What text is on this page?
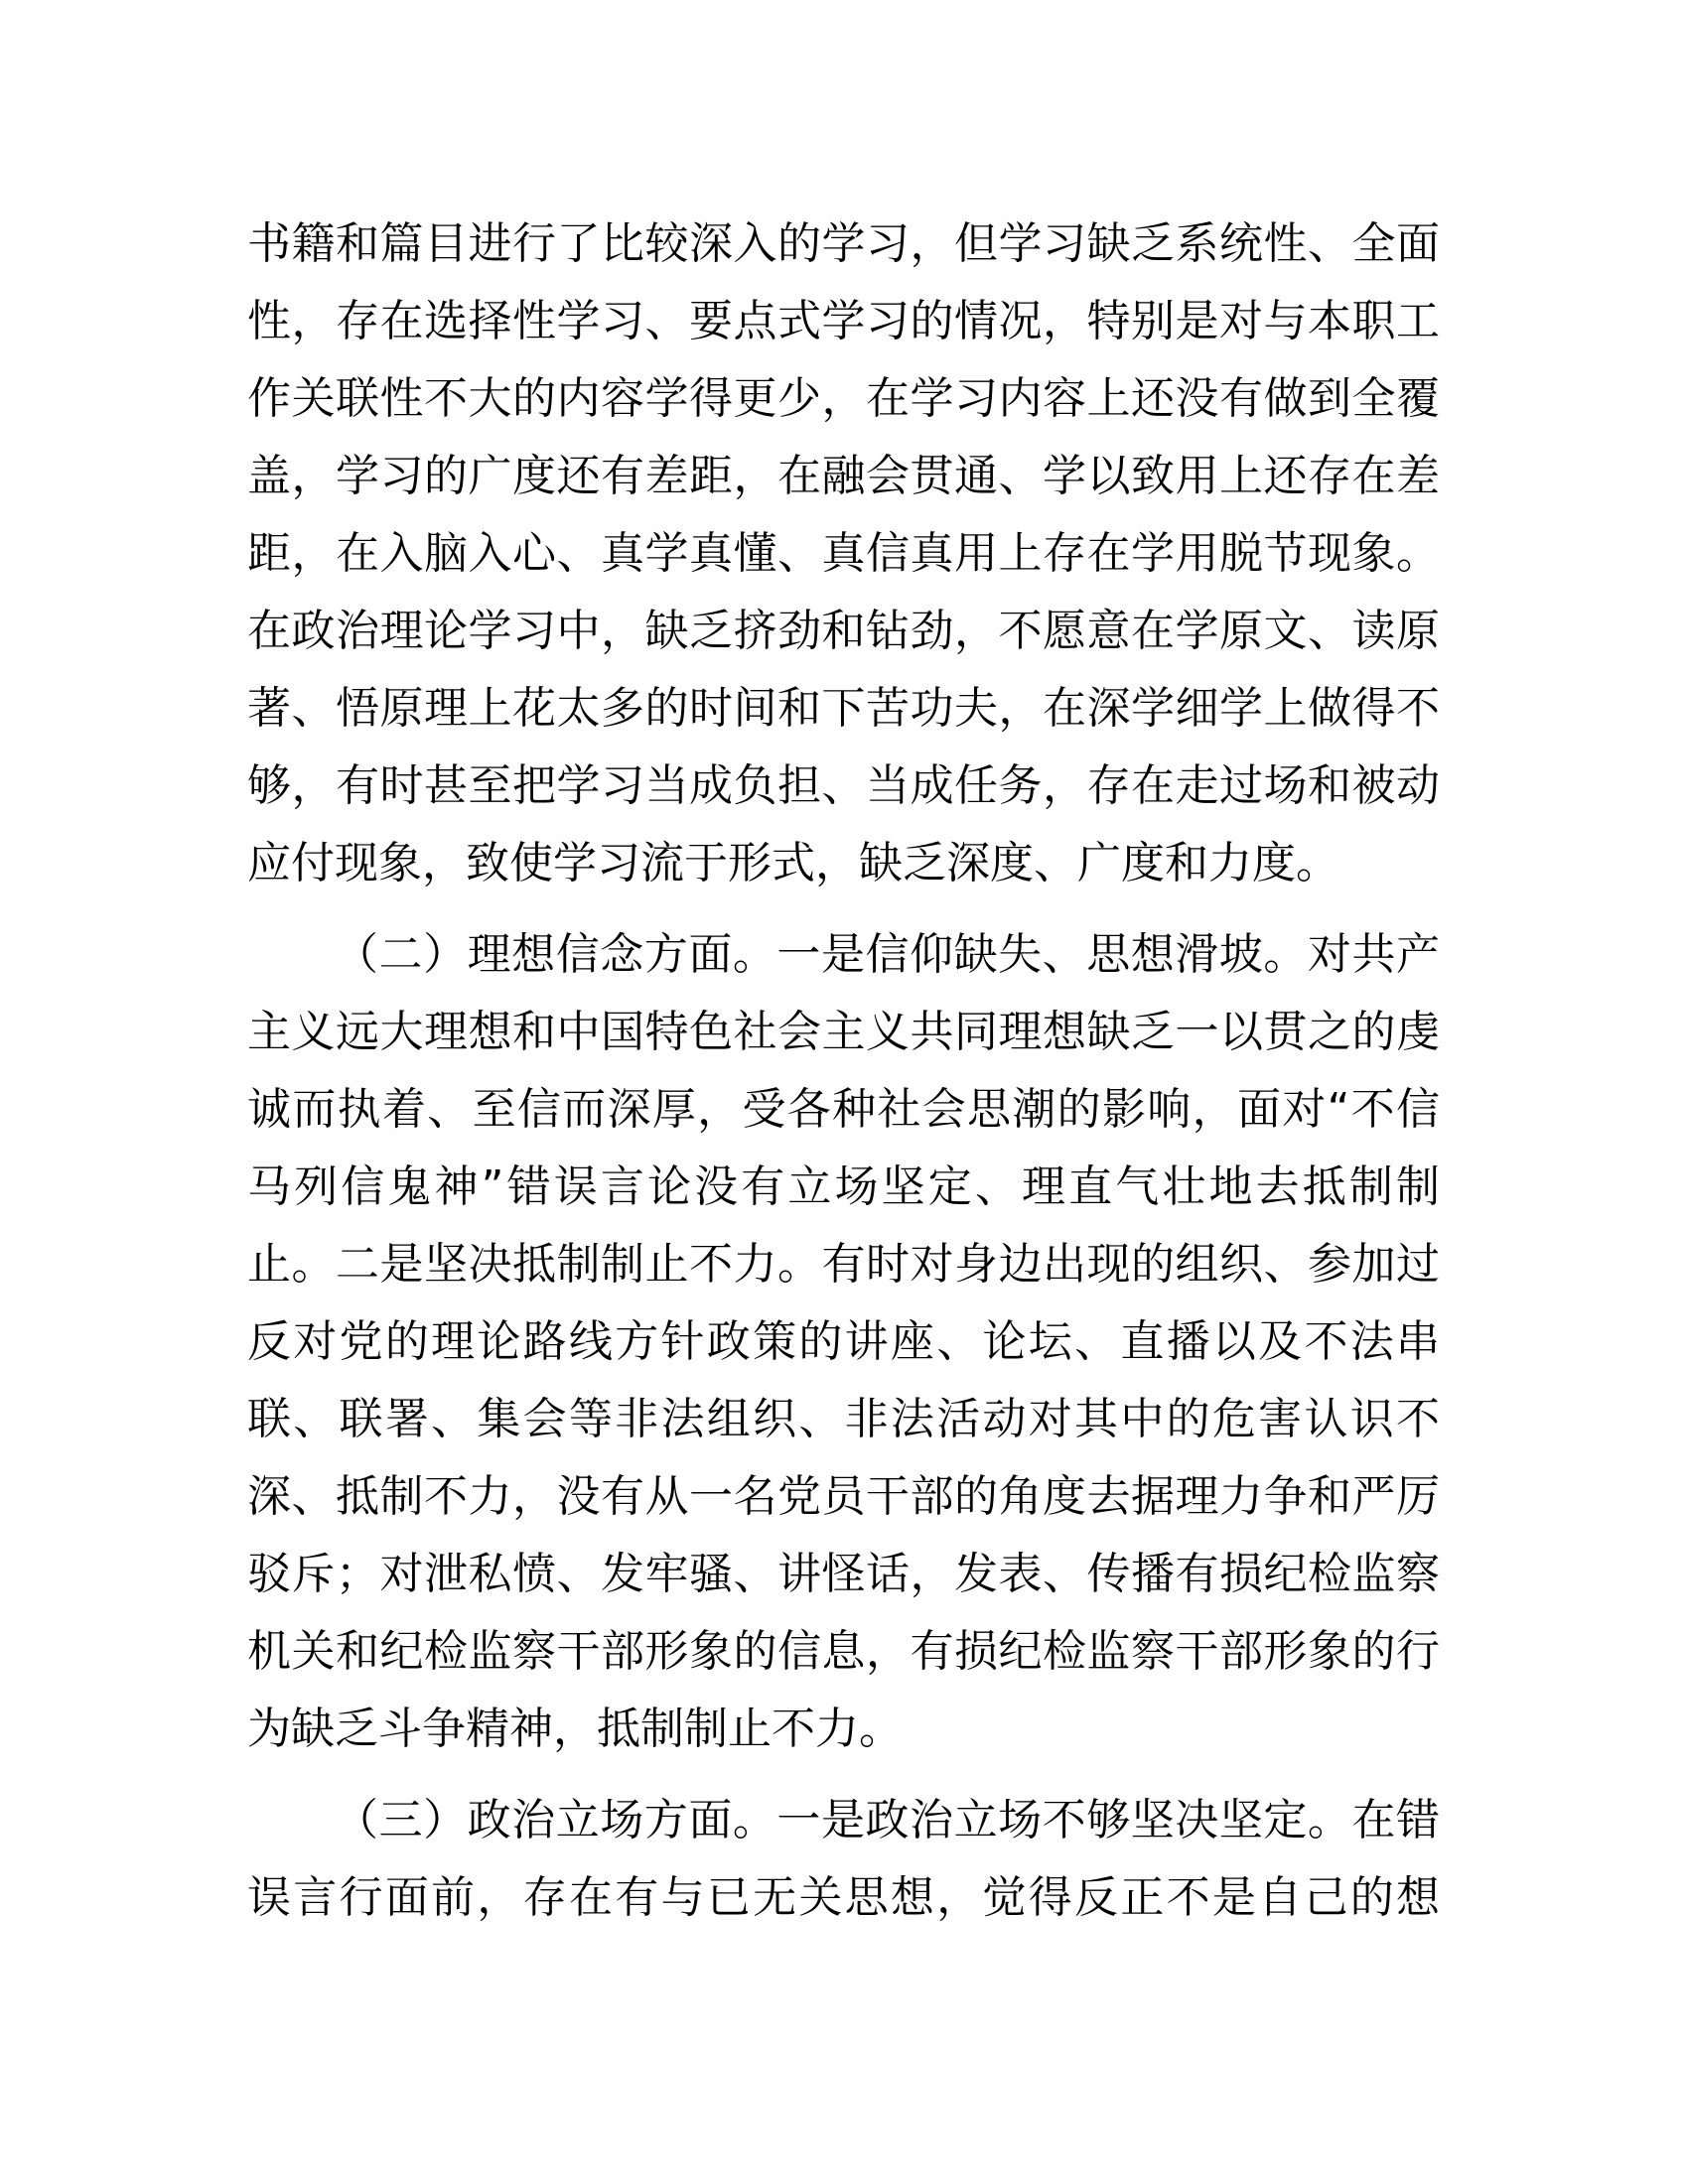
书籍和篇目进行了比较深入的学习，但学习缺乏系统性、全面
性，存在选择性学习、要点式学习的情况，特别是对与本职工
作关联性不大的内容学得更少，在学习内容上还没有做到全覆
盖，学习的广度还有差距，在融会贯通、学以致用上还存在差
距，在入脑入心、真学真懂、真信真用上存在学用脱节现象。
在政治理论学习中，缺乏挤劲和钻劲，不愿意在学原文、读原
著、悟原理上花太多的时间和下苦功夫，在深学细学上做得不
够，有时甚至把学习当成负担、当成任务，存在走过场和被动
应付现象，致使学习流于形式，缺乏深度、广度和力度。
（二）理想信念方面。一是信仰缺失、思想滑坡。对共产
主义远大理想和中国特色社会主义共同理想缺乏一以贯之的虔
诚而执着、至信而深厚，受各种社会思潮的影响，面对“不信
马列信鬼神”错误言论没有立场坚定、理直气壮地去抵制制
止。二是坚决抵制制止不力。有时对身边出现的组织、参加过
反对党的理论路线方针政策的讲座、论坛、直播以及不法串
联、联署、集会等非法组织、非法活动对其中的危害认识不
深、抵制不力，没有从一名党员干部的角度去据理力争和严厉
驳斥；对泄私愤、发牢骚、讲怪话，发表、传播有损纪检监察
机关和纪检监察干部形象的信息，有损纪检监察干部形象的行
为缺乏斗争精神，抵制制止不力。
（三）政治立场方面。一是政治立场不够坚决坚定。在错
误言行面前，存在有与已无关思想，觉得反正不是自己的想
